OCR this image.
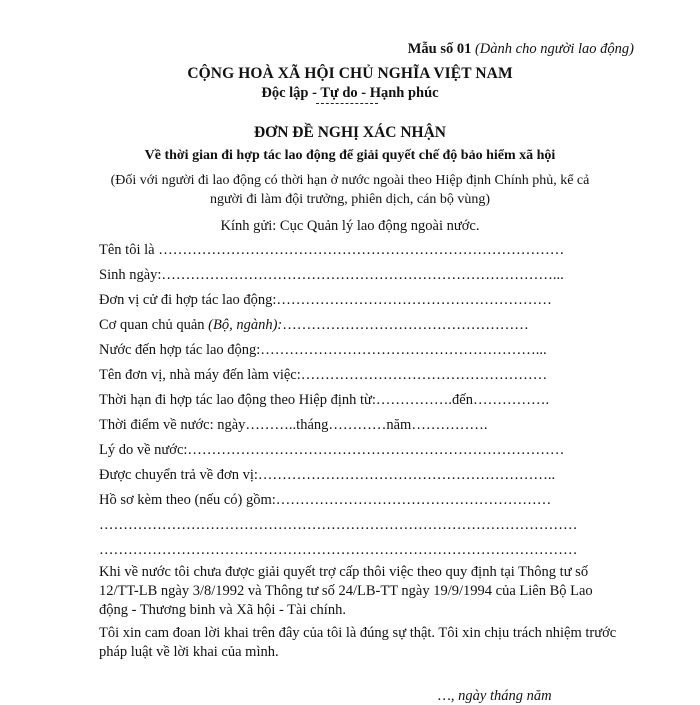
Mẫu số 01 (Dành cho người lao động)
CỘNG HOÀ XÃ HỘI CHỦ NGHĨA VIỆT NAM
Độc lập - Tự do - Hạnh phúc
ĐƠN ĐỀ NGHỊ XÁC NHẬN
Về thời gian đi hợp tác lao động để giải quyết chế độ bảo hiểm xã hội
(Đối với người đi lao động có thời hạn ở nước ngoài theo Hiệp định Chính phủ, kể cả
người đi làm đội trưởng, phiên dịch, cán bộ vùng)
Kính gửi: Cục Quản lý lao động ngoài nước.
Tên tôi là …………………………………………………………………………
Sinh ngày:………………………………………………………………………...
Đơn vị cử đi hợp tác lao động:…………………………………………………
Cơ quan chủ quản (Bộ, ngành):……………………………………………
Nước đến hợp tác lao động:…………………………………………………...
Tên đơn vị, nhà máy đến làm việc:……………………………………………
Thời hạn đi hợp tác lao động theo Hiệp định từ:…………….đến…………….
Thời điểm về nước: ngày………..tháng…………năm…………….
Lý do về nước:……………………………………………………………………
Được chuyển trả về đơn vị:……………………………………………………..
Hồ sơ kèm theo (nếu có) gồm:…………………………………………………
………………………………………………………………………………………
………………………………………………………………………………………
Khi về nước tôi chưa được giải quyết trợ cấp thôi việc theo quy định tại Thông tư số 12/TT-LB ngày 3/8/1992 và Thông tư số 24/LB-TT ngày 19/9/1994 của Liên Bộ Lao động - Thương binh và Xã hội - Tài chính.
Tôi xin cam đoan lời khai trên đây của tôi là đúng sự thật. Tôi xin chịu trách nhiệm trước pháp luật về lời khai của mình.
…, ngày tháng năm
